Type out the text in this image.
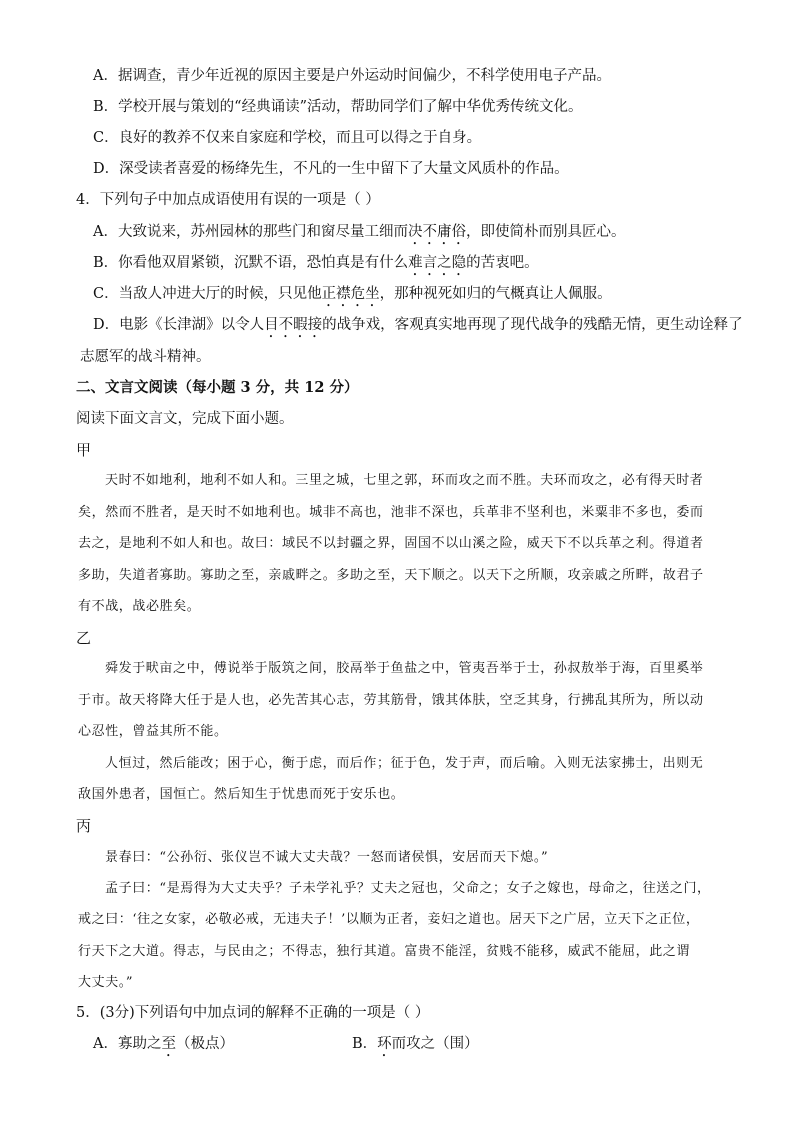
A．据调查，青少年近视的原因主要是户外运动时间偏少，不科学使用电子产品。
B．学校开展与策划的“经典诵读”活动，帮助同学们了解中华优秀传统文化。
C．良好的教养不仅来自家庭和学校，而且可以得之于自身。
D．深受读者喜爱的杨绛先生，不凡的一生中留下了大量文风质朴的作品。
4．下列句子中加点成语使用有误的一项是（ ）
A．大致说来，苏州园林的那些门和窗尽量工细而决不庸俗，即使简朴而别具匠心。
B．你看他双眉紧锁，沉默不语，恐怕真是有什么难言之隐的苦衷吧。
C．当敌人冲进大厅的时候，只见他正襟危坐，那种视死如归的气概真让人佩服。
D．电影《长津湖》以令人目不暇接的战争戏，客观真实地再现了现代战争的残酷无情，更生动诠释了
志愿军的战斗精神。
二、文言文阅读（每小题 3 分，共 12 分）
阅读下面文言文，完成下面小题。
甲
天时不如地利，地利不如人和。三里之城，七里之郭，环而攻之而不胜。夫环而攻之，必有得天时者
矣，然而不胜者，是天时不如地利也。城非不高也，池非不深也，兵革非不坚利也，米粟非不多也，委而
去之，是地利不如人和也。故曰：域民不以封疆之界，固国不以山溪之险，威天下不以兵革之利。得道者
多助，失道者寡助。寡助之至，亲戚畔之。多助之至，天下顺之。以天下之所顺，攻亲戚之所畔，故君子
有不战，战必胜矣。
乙
舜发于畎亩之中，傅说举于版筑之间，胶鬲举于鱼盐之中，管夷吾举于士，孙叔敖举于海，百里奚举
于市。故天将降大任于是人也，必先苦其心志，劳其筋骨，饿其体肤，空乏其身，行拂乱其所为，所以动
心忍性，曾益其所不能。
人恒过，然后能改；困于心，衡于虑，而后作；征于色，发于声，而后喻。入则无法家拂士，出则无
敌国外患者，国恒亡。然后知生于忧患而死于安乐也。
丙
景春曰：“公孙衍、张仪岂不诚大丈夫哉？一怒而诸侯惧，安居而天下熄。”
孟子曰：“是焉得为大丈夫乎？子未学礼乎？丈夫之冠也，父命之；女子之嫁也，母命之，往送之门，
戒之曰：‘往之女家，必敬必戒，无违夫子！’以顺为正者，妾妇之道也。居天下之广居，立天下之正位，
行天下之大道。得志，与民由之；不得志，独行其道。富贵不能淫，贫贱不能移，威武不能屈，此之谓
大丈夫。”
5．(3分)下列语句中加点词的解释不正确的一项是（ ）
A．寡助之至（极点）	B．环而攻之（围）
